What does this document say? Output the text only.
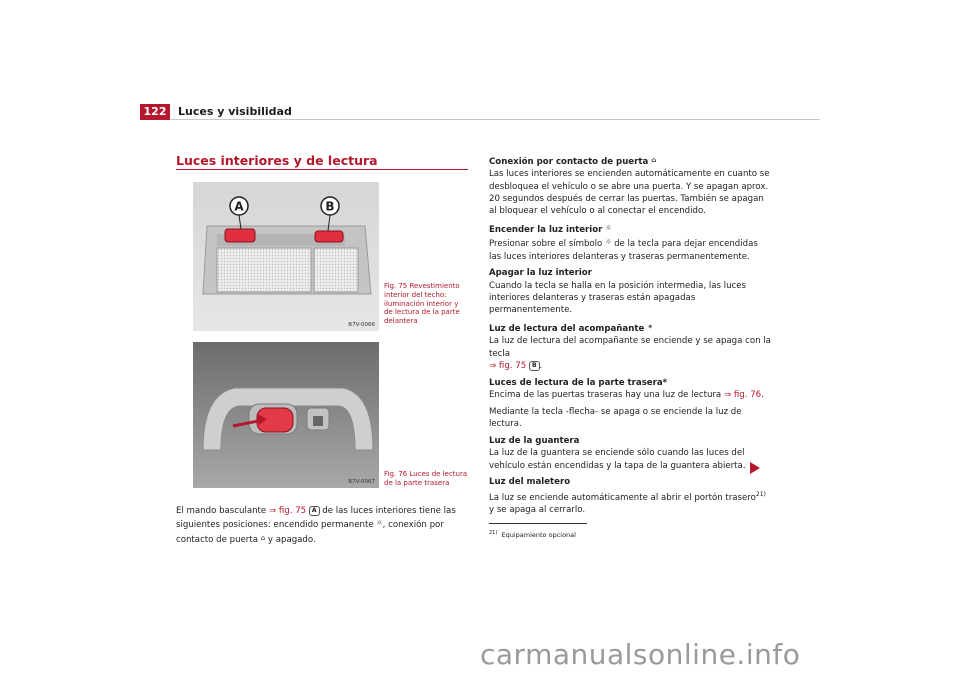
122	Luces y visibilidad
Luces interiores y de lectura
A	B
B7V-0066
Fig. 75 Revestimiento interior del techo: iluminación interior y de lectura de la parte delantera
B7V-0067
Fig. 76 Luces de lectura de la parte trasera
El mando basculante ⇒ fig. 75 A de las luces interiores tiene las siguientes posiciones: encendido permanente ☼, conexión por contacto de puerta ⌂ y apagado.

Conexión por contacto de puerta ⌂

Las luces interiores se encienden automáticamente en cuanto se desbloquea el vehículo o se abre una puerta. Y se apagan aprox. 20 segundos después de cerrar las puertas. También se apagan al bloquear el vehículo o al conectar el encendido.

Encender la luz interior ☼

Presionar sobre el símbolo ☼ de la tecla para dejar encendidas las luces interiores delanteras y traseras permanentemente.

Apagar la luz interior

Cuando la tecla se halla en la posición intermedia, las luces interiores delanteras y traseras están apagadas permanentemente.

Luz de lectura del acompañante ✶

La luz de lectura del acompañante se enciende y se apaga con la tecla
⇒ fig. 75 B .

Luces de lectura de la parte trasera*

Encima de las puertas traseras hay una luz de lectura ⇒ fig. 76.

Mediante la tecla -flecha- se apaga o se enciende la luz de lectura.

Luz de la guantera

La luz de la guantera se enciende sólo cuando las luces del vehículo están encendidas y la tapa de la guantera abierta.

Luz del maletero

La luz se enciende automáticamente al abrir el portón trasero$^{21)}$ y se apaga al cerrarlo.

$^{21)}$ Equipamiento opcional
carmanualsonline.info
